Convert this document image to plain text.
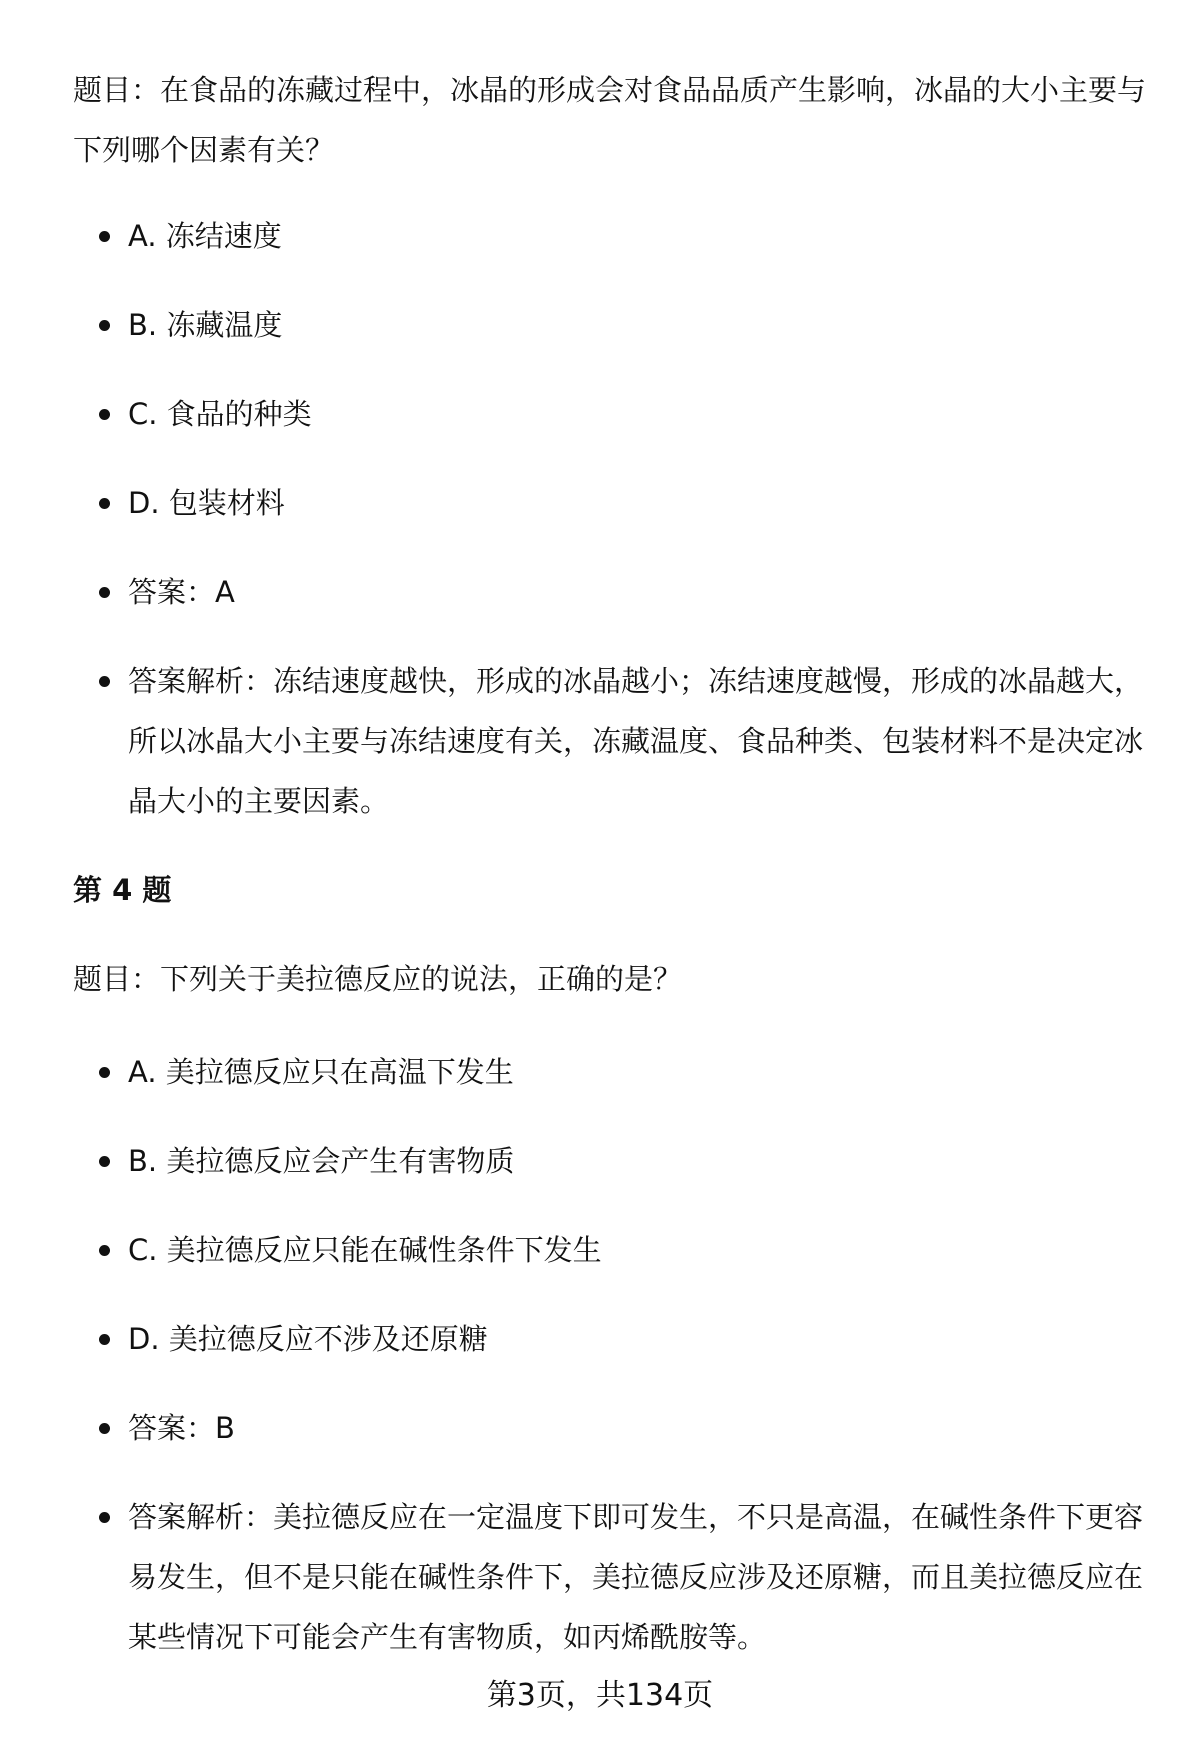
题目：在食品的冻藏过程中，冰晶的形成会对食品品质产生影响，冰晶的大小主要与下列哪个因素有关？

A. 冻结速度

B. 冻藏温度

C. 食品的种类

D. 包装材料

答案：A

答案解析：冻结速度越快，形成的冰晶越小；冻结速度越慢，形成的冰晶越大，所以冰晶大小主要与冻结速度有关，冻藏温度、食品种类、包装材料不是决定冰晶大小的主要因素。

第 4 题

题目：下列关于美拉德反应的说法，正确的是？

A. 美拉德反应只在高温下发生

B. 美拉德反应会产生有害物质

C. 美拉德反应只能在碱性条件下发生

D. 美拉德反应不涉及还原糖

答案：B

答案解析：美拉德反应在一定温度下即可发生，不只是高温，在碱性条件下更容易发生，但不是只能在碱性条件下，美拉德反应涉及还原糖，而且美拉德反应在某些情况下可能会产生有害物质，如丙烯酰胺等。

第3页，共134页
